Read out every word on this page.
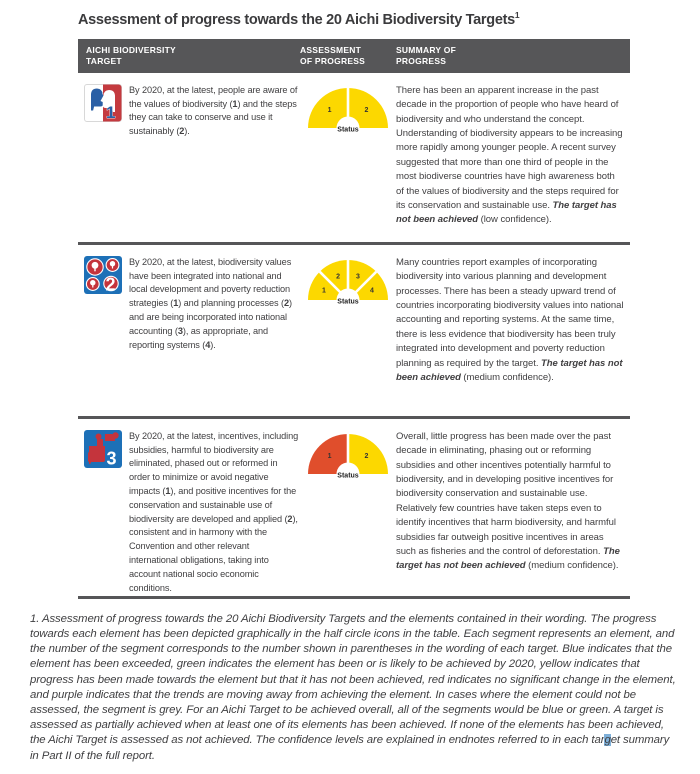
Assessment of progress towards the 20 Aichi Biodiversity Targets$^1$
AICHI BIODIVERSITY TARGET
ASSESSMENT OF PROGRESS
SUMMARY OF PROGRESS
1

By 2020, at the latest, people are aware of the values of biodiversity (1) and the steps they can take to conserve and use it sustainably (2).

1	2
Status

There has been an apparent increase in the past decade in the proportion of people who have heard of biodiversity and who understand the concept. Understanding of biodiversity appears to be increasing more rapidly among younger people. A recent survey suggested that more than one third of people in the most biodiverse countries have high awareness both of the values of biodiversity and the steps required for its conservation and sustainable use. The target has not been achieved (low confidence).

2

By 2020, at the latest, biodiversity values have been integrated into national and local development and poverty reduction strategies (1) and planning processes (2) and are being incorporated into national accounting (3), as appropriate, and reporting systems (4).

1
2 3
4
Status

Many countries report examples of incorporating biodiversity into various planning and development processes. There has been a steady upward trend of countries incorporating biodiversity values into national accounting and reporting systems. At the same time, there is less evidence that biodiversity has been truly integrated into development and poverty reduction planning as required by the target. The target has not been achieved (medium confidence).

3

By 2020, at the latest, incentives, including subsidies, harmful to biodiversity are eliminated, phased out or reformed in order to minimize or avoid negative impacts (1), and positive incentives for the conservation and sustainable use of biodiversity are developed and applied (2), consistent and in harmony with the Convention and other relevant international obligations, taking into account national socio economic conditions.

1	2
Status

Overall, little progress has been made over the past decade in eliminating, phasing out or reforming subsidies and other incentives potentially harmful to biodiversity, and in developing positive incentives for biodiversity conservation and sustainable use. Relatively few countries have taken steps even to identify incentives that harm biodiversity, and harmful subsidies far outweigh positive incentives in areas such as fisheries and the control of deforestation. The target has not been achieved (medium confidence).

1. Assessment of progress towards the 20 Aichi Biodiversity Targets and the elements contained in their wording. The progress towards each element has been depicted graphically in the half circle icons in the table. Each segment represents an element, and the number of the segment corresponds to the number shown in parentheses in the wording of each target. Blue indicates that the element has been exceeded, green indicates the element has been or is likely to be achieved by 2020, yellow indicates that progress has been made towards the element but that it has not been achieved, red indicates no significant change in the element, and purple indicates that the trends are moving away from achieving the element. In cases where the element could not be assessed, the segment is grey. For an Aichi Target to be achieved overall, all of the segments would be blue or green. A target is assessed as partially achieved when at least one of its elements has been achieved. If none of the elements has been achieved, the Aichi Target is assessed as not achieved. The confidence levels are explained in endnotes referred to in each target summary in Part II of the full report.
